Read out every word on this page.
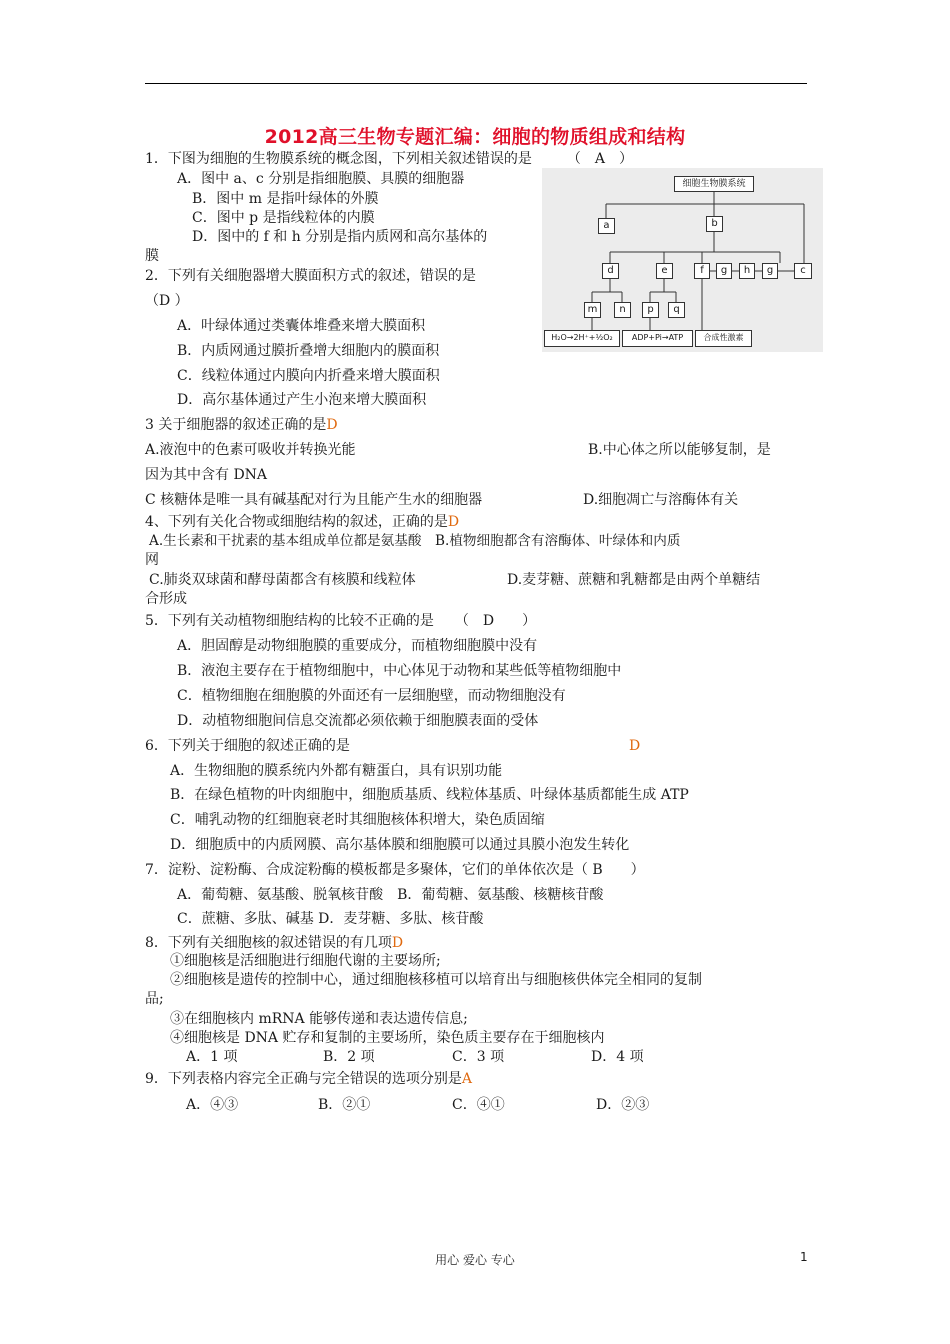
2012高三生物专题汇编：细胞的物质组成和结构
1．下图为细胞的生物膜系统的概念图，下列相关叙述错误的是　　　（　A　）
A．图中 a、c 分别是指细胞膜、具膜的细胞器
B．图中 m 是指叶绿体的外膜
C．图中 p 是指线粒体的内膜
D．图中的 f 和 h 分别是指内质网和高尔基体的
膜
2．下列有关细胞器增大膜面积方式的叙述，错误的是
（D ）
A．叶绿体通过类囊体堆叠来增大膜面积
B．内质网通过膜折叠增大细胞内的膜面积
C．线粒体通过内膜向内折叠来增大膜面积
D．高尔基体通过产生小泡来增大膜面积
3 关于细胞器的叙述正确的是D
A.液泡中的色素可吸收并转换光能	B.中心体之所以能够复制，是
因为其中含有 DNA
C 核糖体是唯一具有碱基配对行为且能产生水的细胞器	D.细胞凋亡与溶酶体有关
4、下列有关化合物或细胞结构的叙述，正确的是D
A.生长素和干扰素的基本组成单位都是氨基酸　B.植物细胞都含有溶酶体、叶绿体和内质
网
C.肺炎双球菌和酵母菌都含有核膜和线粒体	D.麦芽糖、蔗糖和乳糖都是由两个单糖结
合形成
5．下列有关动植物细胞结构的比较不正确的是　　（　D　　）
A．胆固醇是动物细胞膜的重要成分，而植物细胞膜中没有
B．液泡主要存在于植物细胞中，中心体见于动物和某些低等植物细胞中
C．植物细胞在细胞膜的外面还有一层细胞壁，而动物细胞没有
D．动植物细胞间信息交流都必须依赖于细胞膜表面的受体
6．下列关于细胞的叙述正确的是	D
A．生物细胞的膜系统内外都有糖蛋白，具有识别功能
B．在绿色植物的叶肉细胞中，细胞质基质、线粒体基质、叶绿体基质都能生成 ATP
C．哺乳动物的红细胞衰老时其细胞核体积增大，染色质固缩
D．细胞质中的内质网膜、高尔基体膜和细胞膜可以通过具膜小泡发生转化
7．淀粉、淀粉酶、合成淀粉酶的模板都是多聚体，它们的单体依次是（ B　　）
A．葡萄糖、氨基酸、脱氧核苷酸　B．葡萄糖、氨基酸、核糖核苷酸
C．蔗糖、多肽、碱基 D．麦芽糖、多肽、核苷酸
8．下列有关细胞核的叙述错误的有几项D
①细胞核是活细胞进行细胞代谢的主要场所;
②细胞核是遗传的控制中心，通过细胞核移植可以培育出与细胞核供体完全相同的复制
品;
③在细胞核内 mRNA 能够传递和表达遗传信息;
④细胞核是 DNA 贮存和复制的主要场所，染色质主要存在于细胞核内
A．1 项	B．2 项	C．3 项	D．4 项
9．下列表格内容完全正确与完全错误的选项分别是A
A．④③	B．②①	C．④①	D．②③
细胞生物膜系统
a	b
d	e	f	g	h	g	c
m	n	p	q
H₂O→2H⁺+½O₂	ADP+Pi→ATP	合成性激素
用心 爱心 专心	1
